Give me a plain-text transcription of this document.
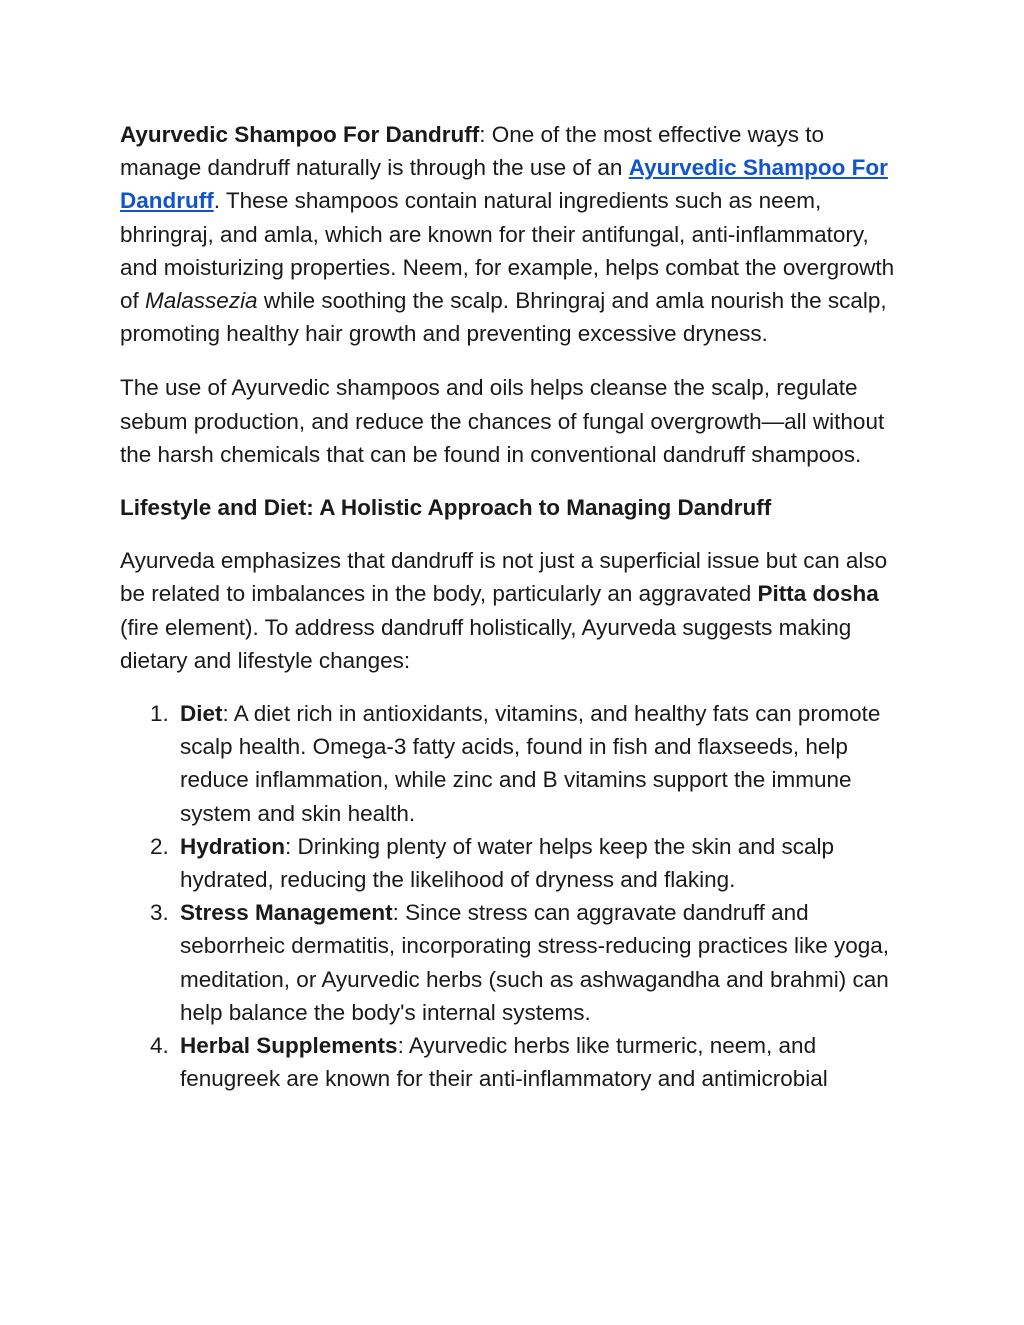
Ayurvedic Shampoo For Dandruff: One of the most effective ways to manage dandruff naturally is through the use of an Ayurvedic Shampoo For Dandruff. These shampoos contain natural ingredients such as neem, bhringraj, and amla, which are known for their antifungal, anti-inflammatory, and moisturizing properties. Neem, for example, helps combat the overgrowth of Malassezia while soothing the scalp. Bhringraj and amla nourish the scalp, promoting healthy hair growth and preventing excessive dryness.

The use of Ayurvedic shampoos and oils helps cleanse the scalp, regulate sebum production, and reduce the chances of fungal overgrowth—all without the harsh chemicals that can be found in conventional dandruff shampoos.

Lifestyle and Diet: A Holistic Approach to Managing Dandruff

Ayurveda emphasizes that dandruff is not just a superficial issue but can also be related to imbalances in the body, particularly an aggravated Pitta dosha (fire element). To address dandruff holistically, Ayurveda suggests making dietary and lifestyle changes:

1. Diet: A diet rich in antioxidants, vitamins, and healthy fats can promote scalp health. Omega-3 fatty acids, found in fish and flaxseeds, help reduce inflammation, while zinc and B vitamins support the immune system and skin health.
2. Hydration: Drinking plenty of water helps keep the skin and scalp hydrated, reducing the likelihood of dryness and flaking.
3. Stress Management: Since stress can aggravate dandruff and seborrheic dermatitis, incorporating stress-reducing practices like yoga, meditation, or Ayurvedic herbs (such as ashwagandha and brahmi) can help balance the body's internal systems.
4. Herbal Supplements: Ayurvedic herbs like turmeric, neem, and fenugreek are known for their anti-inflammatory and antimicrobial
